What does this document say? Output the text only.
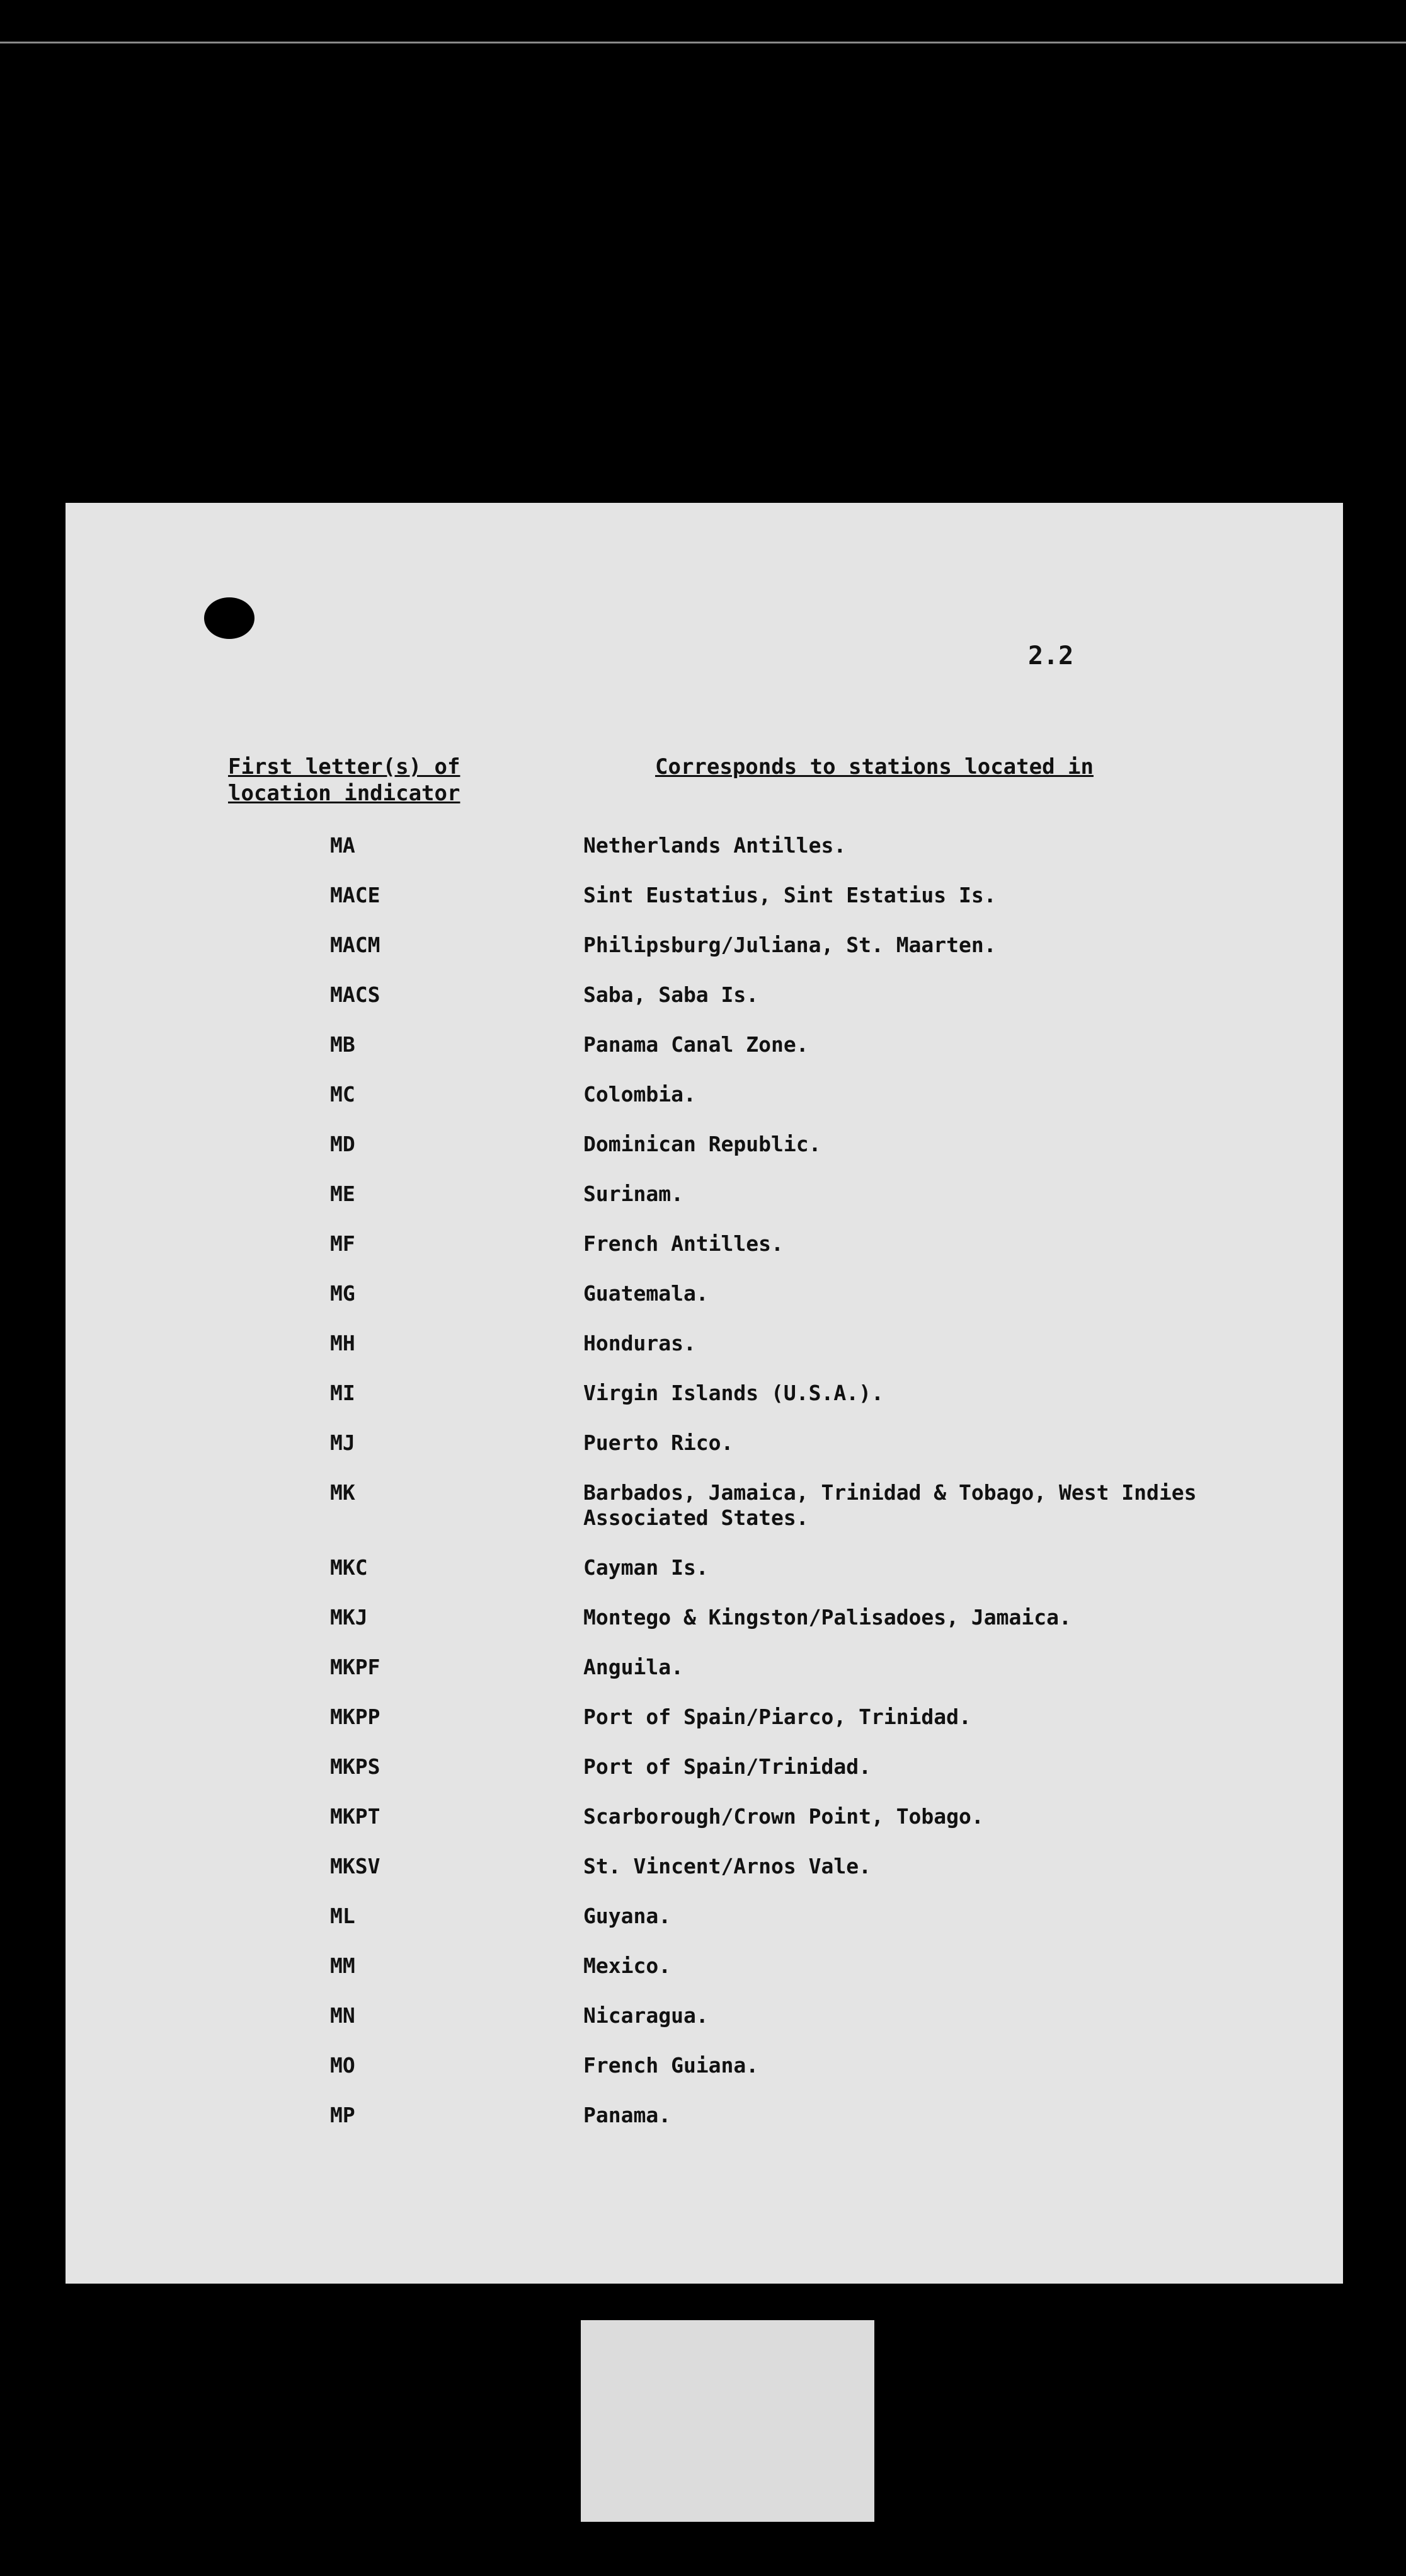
2.2
First letter(s) of location indicator
Corresponds to stations located in
MA	Netherlands Antilles.
MACE	Sint Eustatius, Sint Estatius Is.
MACM	Philipsburg/Juliana, St. Maarten.
MACS	Saba, Saba Is.
MB	Panama Canal Zone.
MC	Colombia.
MD	Dominican Republic.
ME	Surinam.
MF	French Antilles.
MG	Guatemala.
MH	Honduras.
MI	Virgin Islands (U.S.A.).
MJ	Puerto Rico.
MK	Barbados, Jamaica, Trinidad & Tobago, West Indies Associated States.
MKC	Cayman Is.
MKJ	Montego & Kingston/Palisadoes, Jamaica.
MKPF	Anguila.
MKPP	Port of Spain/Piarco, Trinidad.
MKPS	Port of Spain/Trinidad.
MKPT	Scarborough/Crown Point, Tobago.
MKSV	St. Vincent/Arnos Vale.
ML	Guyana.
MM	Mexico.
MN	Nicaragua.
MO	French Guiana.
MP	Panama.
